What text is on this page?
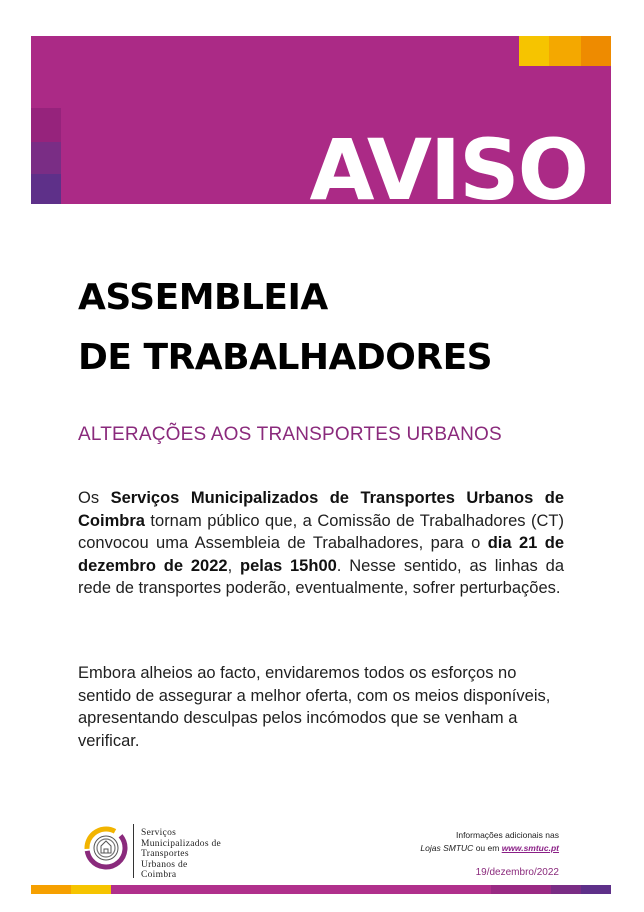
AVISO
ASSEMBLEIA
DE TRABALHADORES
ALTERAÇÕES AOS TRANSPORTES URBANOS
Os Serviços Municipalizados de Transportes Urbanos de Coimbra tornam público que, a Comissão de Trabalhadores (CT) convocou uma Assembleia de Trabalhadores, para o dia 21 de dezembro de 2022, pelas 15h00. Nesse sentido, as linhas da rede de transportes poderão, eventualmente, sofrer perturbações.
Embora alheios ao facto, envidaremos todos os esforços no sentido de assegurar a melhor oferta, com os meios disponíveis, apresentando desculpas pelos incómodos que se venham a verificar.
Serviços
Municipalizados de
Transportes
Urbanos de
Coimbra
Informações adicionais nas
Lojas SMTUC ou em www.smtuc.pt
19/dezembro/2022
